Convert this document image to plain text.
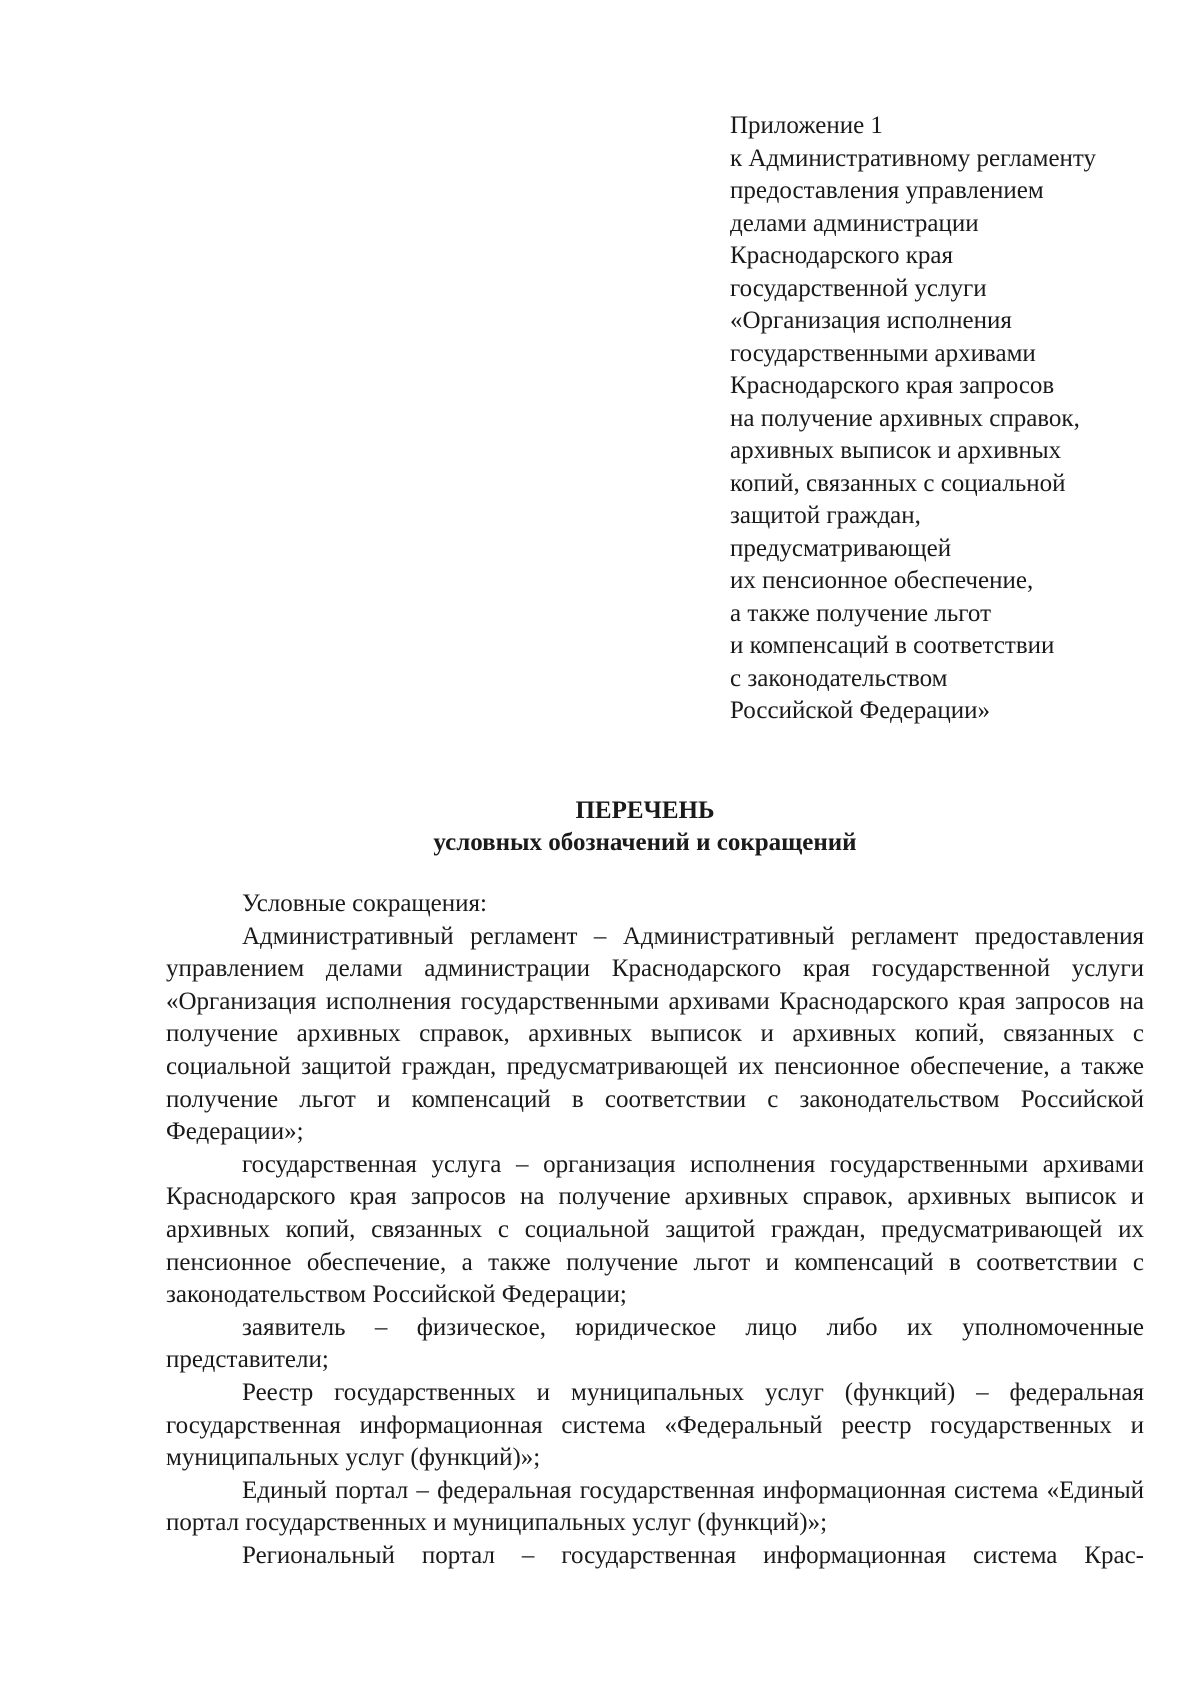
Приложение 1
к Административному регламенту
предоставления управлением
делами администрации
Краснодарского края
государственной услуги
«Организация исполнения
государственными архивами
Краснодарского края запросов
на получение архивных справок,
архивных выписок и архивных
копий, связанных с социальной
защитой граждан,
предусматривающей
их пенсионное обеспечение,
а также получение льгот
и компенсаций в соответствии
с законодательством
Российской Федерации»
ПЕРЕЧЕНЬ
условных обозначений и сокращений

Условные сокращения:

Административный регламент – Административный регламент предоставления управлением делами администрации Краснодарского края государственной услуги «Организация исполнения государственными архивами Краснодарского края запросов на получение архивных справок, архивных выписок и архивных копий, связанных с социальной защитой граждан, предусматривающей их пенсионное обеспечение, а также получение льгот и компенсаций в соответствии с законодательством Российской Федерации»;

государственная услуга – организация исполнения государственными архивами Краснодарского края запросов на получение архивных справок, архивных выписок и архивных копий, связанных с социальной защитой граждан, предусматривающей их пенсионное обеспечение, а также получение льгот и компенсаций в соответствии с законодательством Российской Федерации;

заявитель – физическое, юридическое лицо либо их уполномоченные представители;

Реестр государственных и муниципальных услуг (функций) – федеральная государственная информационная система «Федеральный реестр государственных и муниципальных услуг (функций)»;

Единый портал – федеральная государственная информационная система «Единый портал государственных и муниципальных услуг (функций)»;

Региональный портал – государственная информационная система Крас-
